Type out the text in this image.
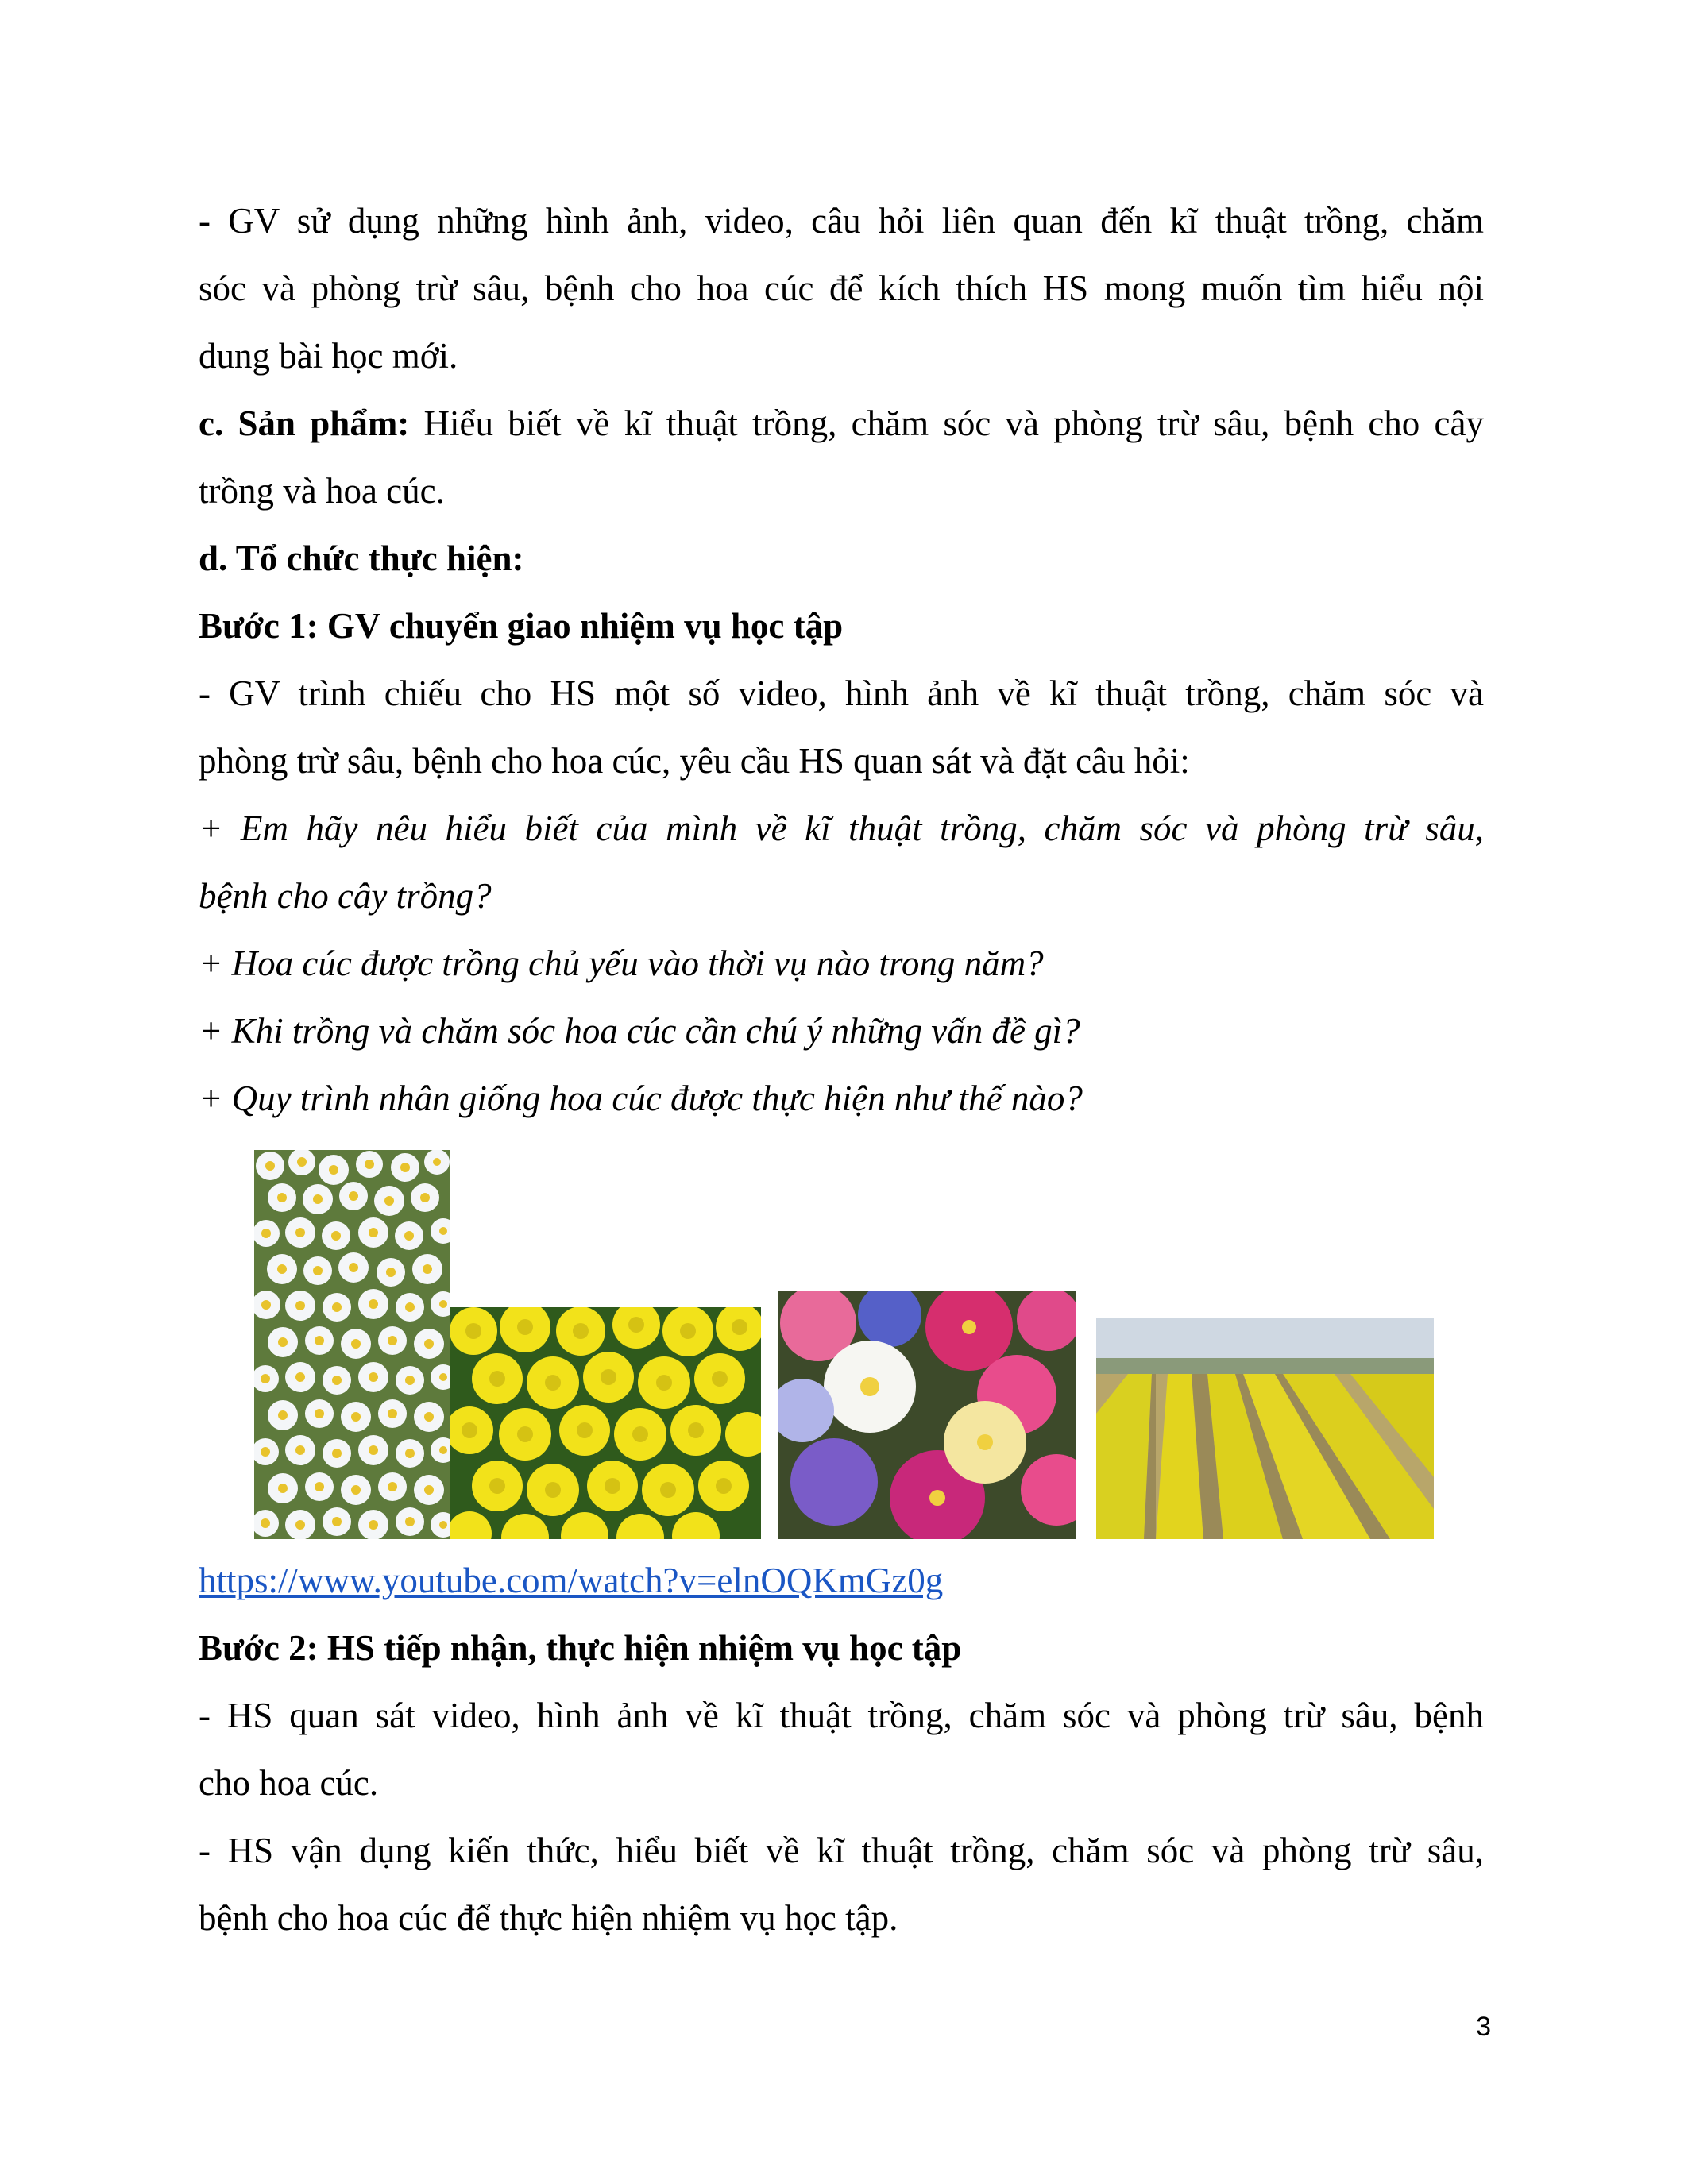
- GV sử dụng những hình ảnh, video, câu hỏi liên quan đến kĩ thuật trồng, chăm
sóc và phòng trừ sâu, bệnh cho hoa cúc để kích thích HS mong muốn tìm hiểu nội
dung bài học mới.

c. Sản phẩm: Hiểu biết về kĩ thuật trồng, chăm sóc và phòng trừ sâu, bệnh cho cây
trồng và hoa cúc.

d. Tổ chức thực hiện:

Bước 1: GV chuyển giao nhiệm vụ học tập

- GV trình chiếu cho HS một số video, hình ảnh về kĩ thuật trồng, chăm sóc và
phòng trừ sâu, bệnh cho hoa cúc, yêu cầu HS quan sát và đặt câu hỏi:

+ Em hãy nêu hiểu biết của mình về kĩ thuật trồng, chăm sóc và phòng trừ sâu,
bệnh cho cây trồng?

+ Hoa cúc được trồng chủ yếu vào thời vụ nào trong năm?

+ Khi trồng và chăm sóc hoa cúc cần chú ý những vấn đề gì?

+ Quy trình nhân giống hoa cúc được thực hiện như thế nào?

https://www.youtube.com/watch?v=elnOQKmGz0g

Bước 2: HS tiếp nhận, thực hiện nhiệm vụ học tập

- HS quan sát video, hình ảnh về kĩ thuật trồng, chăm sóc và phòng trừ sâu, bệnh
cho hoa cúc.

- HS vận dụng kiến thức, hiểu biết về kĩ thuật trồng, chăm sóc và phòng trừ sâu,
bệnh cho hoa cúc để thực hiện nhiệm vụ học tập.

3
